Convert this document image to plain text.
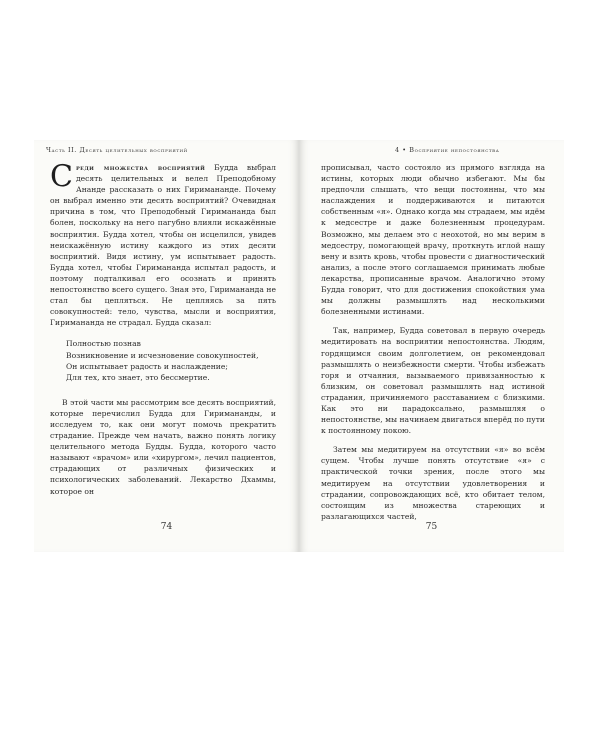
Часть II. Десять целительных восприятий

Среди множества восприятий Будда выбрал десять целительных и велел Преподобному Ананде рассказать о них Гиримананде. Почему он выбрал именно эти десять восприятий? Очевидная причина в том, что Преподобный Гиримананда был болен, поскольку на него пагубно влияли искажённые восприятия. Будда хотел, чтобы он исцелился, увидев неискажённую истину каждого из этих десяти восприятий. Видя истину, ум испытывает радость. Будда хотел, чтобы Гиримананда испытал радость, и поэтому подталкивал его осознать и принять непостоянство всего сущего. Зная это, Гиримананда не стал бы цепляться. Не цепляясь за пять совокупностей: тело, чувства, мысли и восприятия, Гиримананда не страдал. Будда сказал:

Полностью познав
Возникновение и исчезновение совокупностей,
Он испытывает радость и наслаждение;
Для тех, кто знает, это бессмертие.

В этой части мы рассмотрим все десять восприятий, которые перечислил Будда для Гиримананды, и исследуем то, как они могут помочь прекратить страдание. Прежде чем начать, важно понять логику целительного метода Будды. Будда, которого часто называют «врачом» или «хирургом», лечил пациентов, страдающих от различных физических и психологических заболеваний. Лекарство Дхаммы, которое он

74
4 • Восприятие непостоянства

прописывал, часто состояло из прямого взгляда на истины, которых люди обычно избегают. Мы бы предпочли слышать, что вещи постоянны, что мы наслаждения и поддерживаются и питаются собственным «я». Однако когда мы страдаем, мы идём к медсестре и даже болезненным процедурам. Возможно, мы делаем это с неохотой, но мы верим в медсестру, помогающей врачу, проткнуть иглой нашу вену и взять кровь, чтобы провести с диагностический анализ, а после этого соглашаемся принимать любые лекарства, прописанные врачом. Аналогично этому Будда говорит, что для достижения спокойствия ума мы должны размышлять над несколькими болезненными истинами.

Так, например, Будда советовал в первую очередь медитировать на восприятии непостоянства. Людям, гордящимся своим долголетием, он рекомендовал размышлять о неизбежности смерти. Чтобы избежать горя и отчаяния, вызываемого привязанностью к близким, он советовал размышлять над истиной страдания, причиняемого расставанием с близкими. Как это ни парадоксально, размышляя о непостоянстве, мы начинаем двигаться вперёд по пути к постоянному покою.

Затем мы медитируем на отсутствии «я» во всём сущем. Чтобы лучше понять отсутствие «я» с практической точки зрения, после этого мы медитируем на отсутствии удовлетворения и страдании, сопровождающих всё, кто обитает телом, состоящим из множества стареющих и разлагающихся частей,

75
